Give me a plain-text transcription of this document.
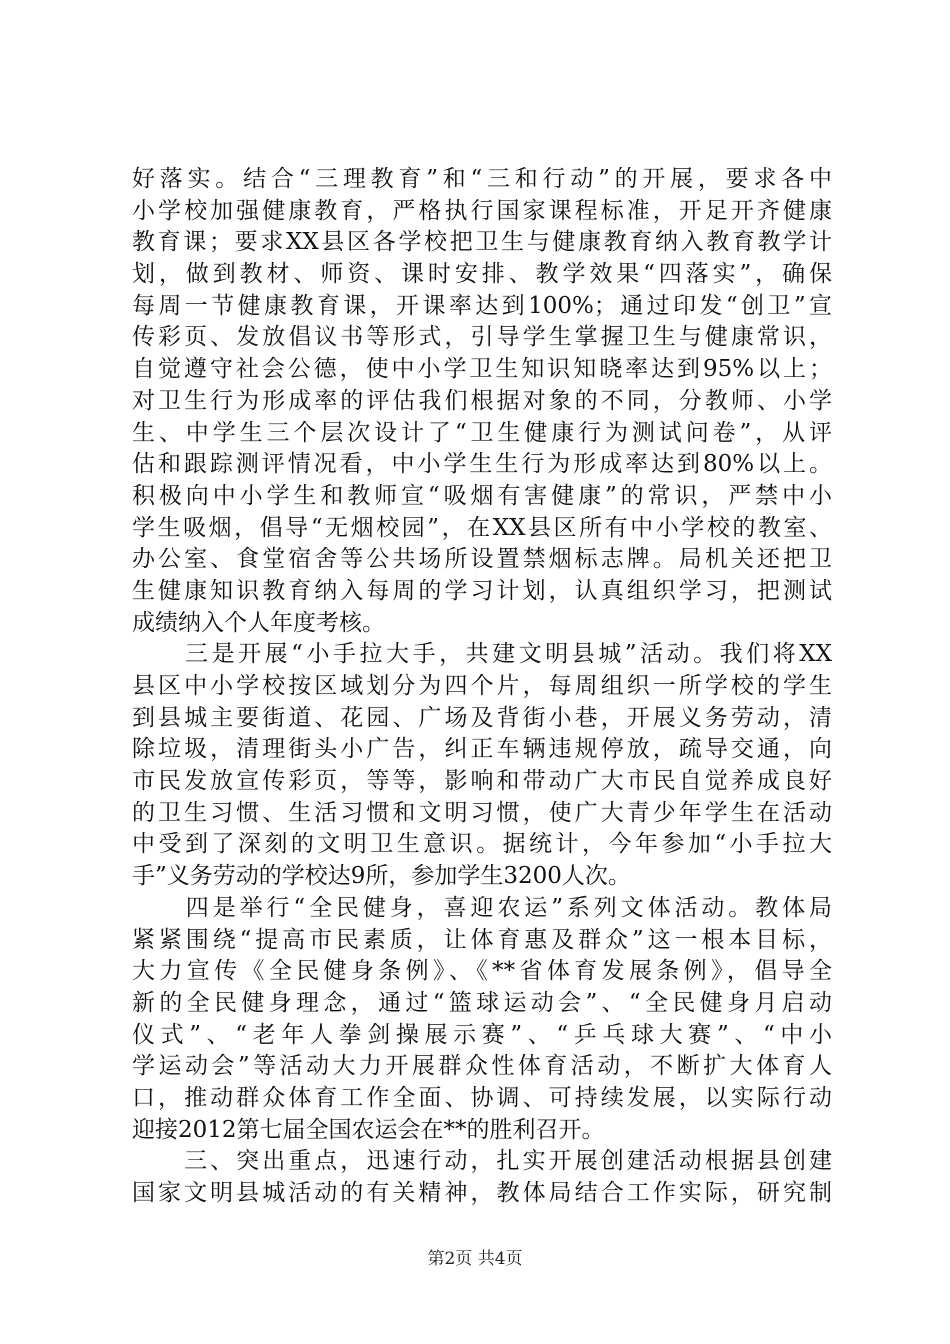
好落实。结合“三理教育”和“三和行动”的开展，要求各中
小学校加强健康教育，严格执行国家课程标准，开足开齐健康
教育课；要求XX县区各学校把卫生与健康教育纳入教育教学计
划，做到教材、师资、课时安排、教学效果“四落实”，确保
每周一节健康教育课，开课率达到100%；通过印发“创卫”宣
传彩页、发放倡议书等形式，引导学生掌握卫生与健康常识，
自觉遵守社会公德，使中小学卫生知识知晓率达到95%以上；
对卫生行为形成率的评估我们根据对象的不同，分教师、小学
生、中学生三个层次设计了“卫生健康行为测试问卷”，从评
估和跟踪测评情况看，中小学生生行为形成率达到80%以上。
积极向中小学生和教师宣“吸烟有害健康”的常识，严禁中小
学生吸烟，倡导“无烟校园”，在XX县区所有中小学校的教室、
办公室、食堂宿舍等公共场所设置禁烟标志牌。局机关还把卫
生健康知识教育纳入每周的学习计划，认真组织学习，把测试
成绩纳入个人年度考核。
　　三是开展“小手拉大手，共建文明县城”活动。我们将XX
县区中小学校按区域划分为四个片，每周组织一所学校的学生
到县城主要街道、花园、广场及背街小巷，开展义务劳动，清
除垃圾，清理街头小广告，纠正车辆违规停放，疏导交通，向
市民发放宣传彩页，等等，影响和带动广大市民自觉养成良好
的卫生习惯、生活习惯和文明习惯，使广大青少年学生在活动
中受到了深刻的文明卫生意识。据统计，今年参加“小手拉大
手”义务劳动的学校达9所，参加学生3200人次。
　　四是举行“全民健身，喜迎农运”系列文体活动。教体局
紧紧围绕“提高市民素质，让体育惠及群众”这一根本目标，
大力宣传《全民健身条例》、《**省体育发展条例》，倡导全
新的全民健身理念，通过“篮球运动会”、“全民健身月启动
仪式”、“老年人拳剑操展示赛”、“乒乓球大赛”、“中小
学运动会”等活动大力开展群众性体育活动，不断扩大体育人
口，推动群众体育工作全面、协调、可持续发展，以实际行动
迎接2012第七届全国农运会在**的胜利召开。
　　三、突出重点，迅速行动，扎实开展创建活动根据县创建
国家文明县城活动的有关精神，教体局结合工作实际，研究制
第2页 共4页
